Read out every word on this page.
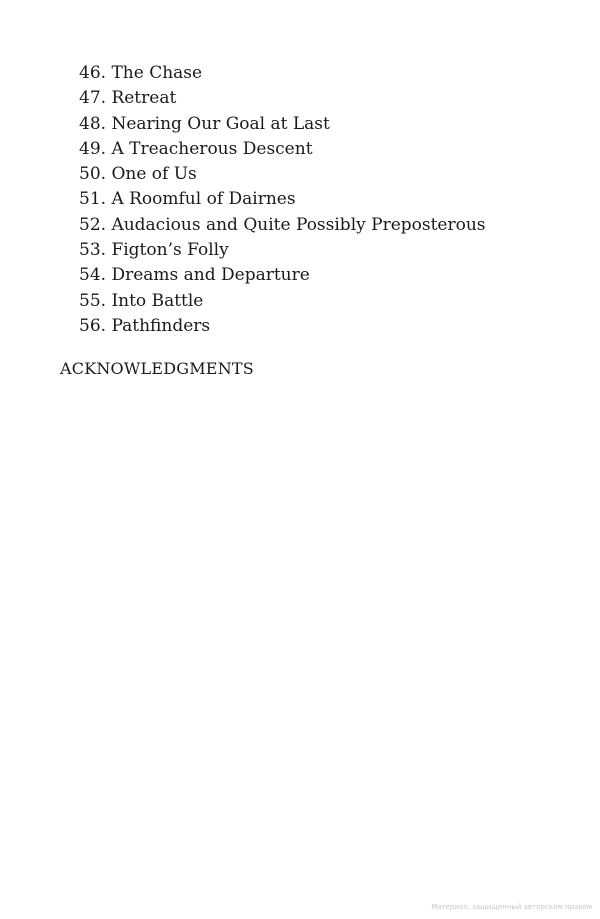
46. The Chase
47. Retreat
48. Nearing Our Goal at Last
49. A Treacherous Descent
50. One of Us
51. A Roomful of Dairnes
52. Audacious and Quite Possibly Preposterous
53. Figton’s Folly
54. Dreams and Departure
55. Into Battle
56. Pathfinders
ACKNOWLEDGMENTS
Материал, защищенный авторским правом
